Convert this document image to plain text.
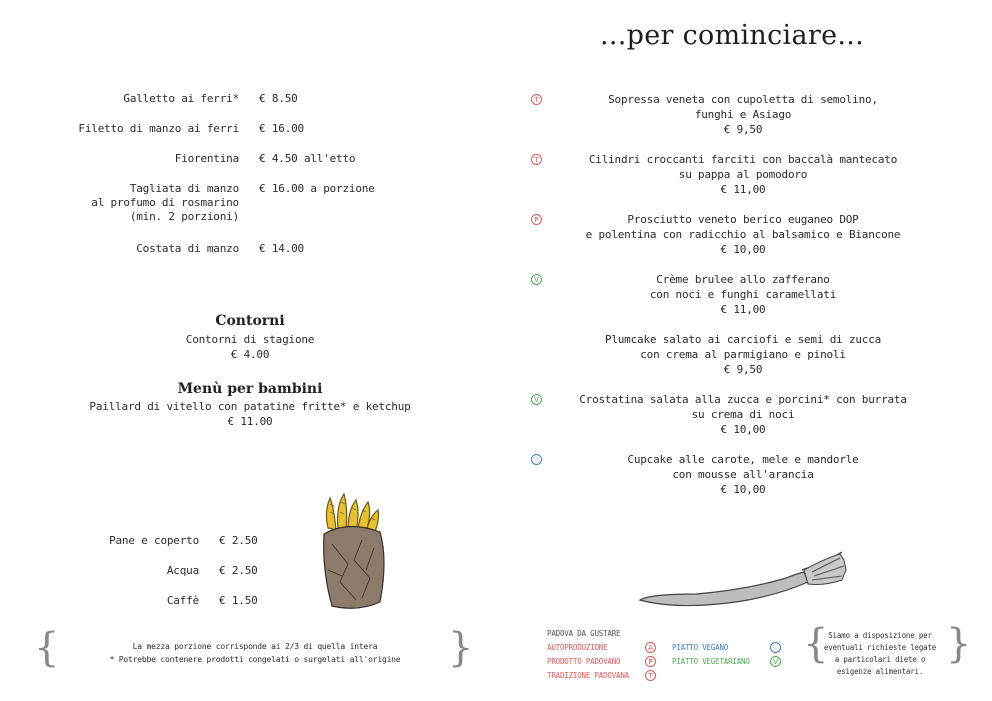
Galletto ai ferri* € 8.50
Filetto di manzo ai ferri € 16.00
Fiorentina € 4.50 all'etto
Tagliata di manzo
al profumo di rosmarino
(min. 2 porzioni)
€ 16.00 a porzione
Costata di manzo € 14.00
Contorni
Contorni di stagione
€ 4.00
Menù per bambini
Paillard di vitello con patatine fritte* e ketchup
€ 11.00
Pane e coperto € 2.50
Acqua € 2.50
Caffè € 1.50
{	La mezza porzione corrisponde ai 2/3 di quella intera
* Potrebbe contenere prodotti congelati o surgelati all'origine	}
...per cominciare...
T	Sopressa veneta con cupoletta di semolino,
funghi e Asiago
€ 9,50
T	Cilindri croccanti farciti con baccalà mantecato
su pappa al pomodoro
€ 11,00
P	Prosciutto veneto berico euganeo DOP
e polentina con radicchio al balsamico e Biancone
€ 10,00
V	Crème brulee allo zafferano
con noci e funghi caramellati
€ 11,00
Plumcake salato ai carciofi e semi di zucca
con crema al parmigiano e pinoli
€ 9,50
V	Crostatina salata alla zucca e porcini* con burrata
su crema di noci
€ 10,00
♡	Cupcake alle carote, mele e mandorle
con mousse all'arancia
€ 10,00
PADOVA DA GUSTARE
AUTOPRODUZIONE	A
PRODOTTO PADOVANO	P
TRADIZIONE PADOVANA	T
PIATTO VEGANO	♡
PIATTO VEGETARIANO	V { Siamo a disposizione per
eventuali richieste legate
a particolari diete o
esigenze alimentari.
}
